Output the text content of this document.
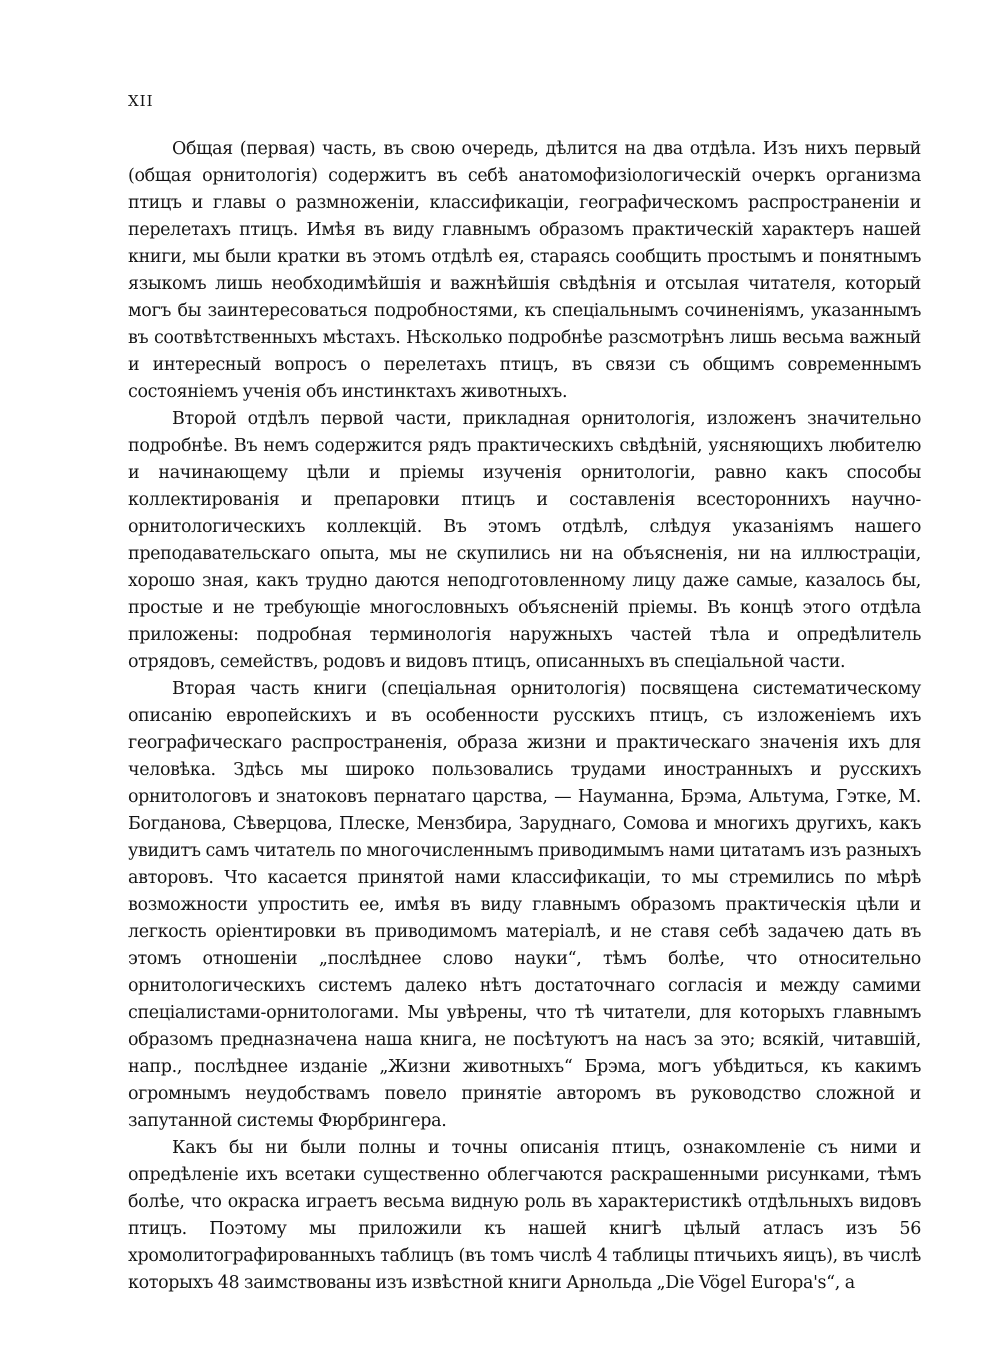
XII

Общая (первая) часть, въ свою очередь, дѣлится на два отдѣла. Изъ нихъ первый (общая орнитологія) содержитъ въ себѣ анатомофизіологическій очеркъ организма птицъ и главы о размноженіи, классификаціи, географическомъ распространеніи и перелетахъ птицъ. Имѣя въ виду главнымъ образомъ практическій характеръ нашей книги, мы были кратки въ этомъ отдѣлѣ ея, стараясь сообщить простымъ и понятнымъ языкомъ лишь необходимѣйшія и важнѣйшія свѣдѣнія и отсылая читателя, который могъ бы заинтересоваться подробностями, къ спеціальнымъ сочиненіямъ, указаннымъ въ соотвѣтственныхъ мѣстахъ. Нѣсколько подробнѣе разсмотрѣнъ лишь весьма важный и интересный вопросъ о перелетахъ птицъ, въ связи съ общимъ современнымъ состояніемъ ученія объ инстинктахъ животныхъ.

Второй отдѣлъ первой части, прикладная орнитологія, изложенъ значительно подробнѣе. Въ немъ содержится рядъ практическихъ свѣдѣній, уясняющихъ любителю и начинающему цѣли и пріемы изученія орнитологіи, равно какъ способы коллектированія и препаровки птицъ и составленія всестороннихъ научно-орнитологическихъ коллекцій. Въ этомъ отдѣлѣ, слѣдуя указаніямъ нашего преподавательскаго опыта, мы не скупились ни на объясненія, ни на иллюстраціи, хорошо зная, какъ трудно даются неподготовленному лицу даже самые, казалось бы, простые и не требующіе многословныхъ объясненій пріемы. Въ концѣ этого отдѣла приложены: подробная терминологія наружныхъ частей тѣла и опредѣлитель отрядовъ, семействъ, родовъ и видовъ птицъ, описанныхъ въ спеціальной части.

Вторая часть книги (спеціальная орнитологія) посвящена систематическому описанію европейскихъ и въ особенности русскихъ птицъ, съ изложеніемъ ихъ географическаго распространенія, образа жизни и практическаго значенія ихъ для человѣка. Здѣсь мы широко пользовались трудами иностранныхъ и русскихъ орнитологовъ и знатоковъ пернатаго царства, — Науманна, Брэма, Альтума, Гэтке, М. Богданова, Сѣверцова, Плеске, Мензбира, Заруднаго, Сомова и многихъ другихъ, какъ увидитъ самъ читатель по многочисленнымъ приводимымъ нами цитатамъ изъ разныхъ авторовъ. Что касается принятой нами классификаціи, то мы стремились по мѣрѣ возможности упростить ее, имѣя въ виду главнымъ образомъ практическія цѣли и легкость оріентировки въ приводимомъ матеріалѣ, и не ставя себѣ задачею дать въ этомъ отношеніи „послѣднее слово науки“, тѣмъ болѣе, что относительно орнитологическихъ системъ далеко нѣтъ достаточнаго согласія и между самими спеціалистами-орнитологами. Мы увѣрены, что тѣ читатели, для которыхъ главнымъ образомъ предназначена наша книга, не посѣтуютъ на насъ за это; всякій, читавшій, напр., послѣднее изданіе „Жизни животныхъ“ Брэма, могъ убѣдиться, къ какимъ огромнымъ неудобствамъ повело принятіе авторомъ въ руководство сложной и запутанной системы Фюрбрингера.

Какъ бы ни были полны и точны описанія птицъ, ознакомленіе съ ними и опредѣленіе ихъ всетаки существенно облегчаются раскрашенными рисунками, тѣмъ болѣе, что окраска играетъ весьма видную роль въ характеристикѣ отдѣльныхъ видовъ птицъ. Поэтому мы приложили къ нашей книгѣ цѣлый атласъ изъ 56 хромолитографированныхъ таблицъ (въ томъ числѣ 4 таблицы птичьихъ яицъ), въ числѣ которыхъ 48 заимствованы изъ извѣстной книги Арнольда „Die Vögel Europa's“, а
